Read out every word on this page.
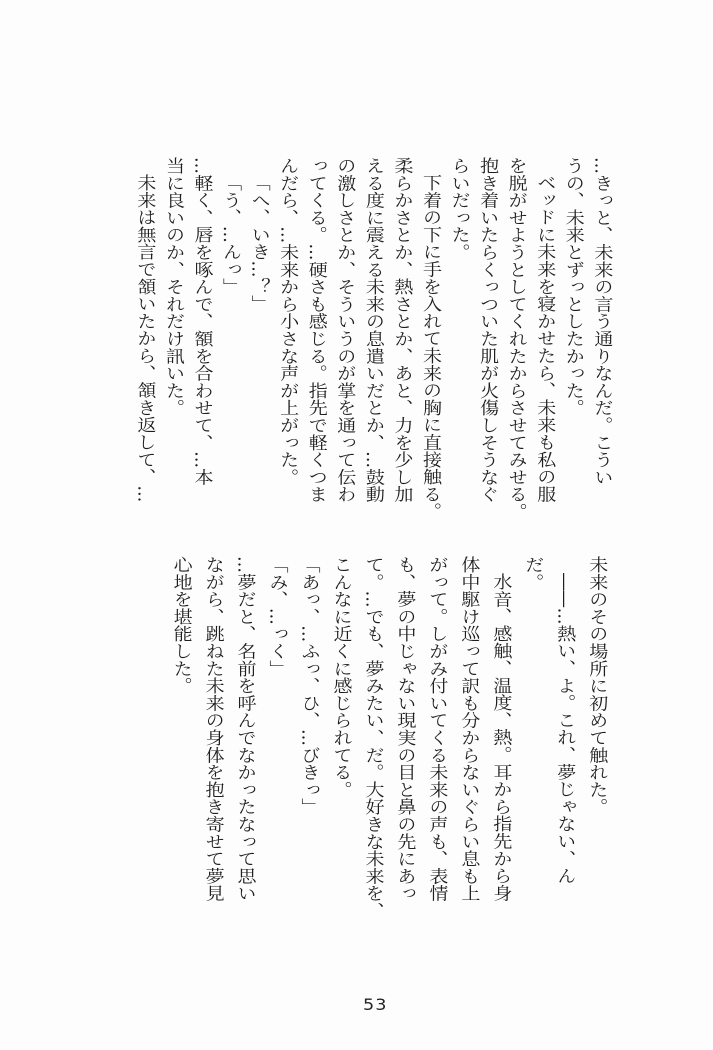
…きっと、未来の言う通りなんだ。こうい

うの、未来とずっとしたかった。

ベッドに未来を寝かせたら、未来も私の服

を脱がせようとしてくれたからさせてみせる。

抱き着いたらくっついた肌が火傷しそうなぐ

らいだった。

下着の下に手を入れて未来の胸に直接触る。

柔らかさとか、熱さとか、あと、力を少し加

える度に震える未来の息遣いだとか、…鼓動

の激しさとか、そういうのが掌を通って伝わ

ってくる。…硬さも感じる。指先で軽くつま

んだら、…未来から小さな声が上がった。

「へ、いき…？」

「う、…んっ」

…軽く、唇を啄んで、額を合わせて、…本

当に良いのか、それだけ訊いた。

未来は無言で頷いたから、頷き返して、…

未来のその場所に初めて触れた。

――…熱い、よ。これ、夢じゃない、ん

だ。

水音、感触、温度、熱。耳から指先から身

体中駆け巡って訳も分からないぐらい息も上

がって。しがみ付いてくる未来の声も、表情

も、夢の中じゃない現実の目と鼻の先にあっ

て。…でも、夢みたい、だ。大好きな未来を、

こんなに近くに感じられてる。

「あっ、…ふっ、ひ、…びきっ」

「み、…っく」

…夢だと、名前を呼んでなかったなって思い

ながら、跳ねた未来の身体を抱き寄せて夢見

心地を堪能した。

53
